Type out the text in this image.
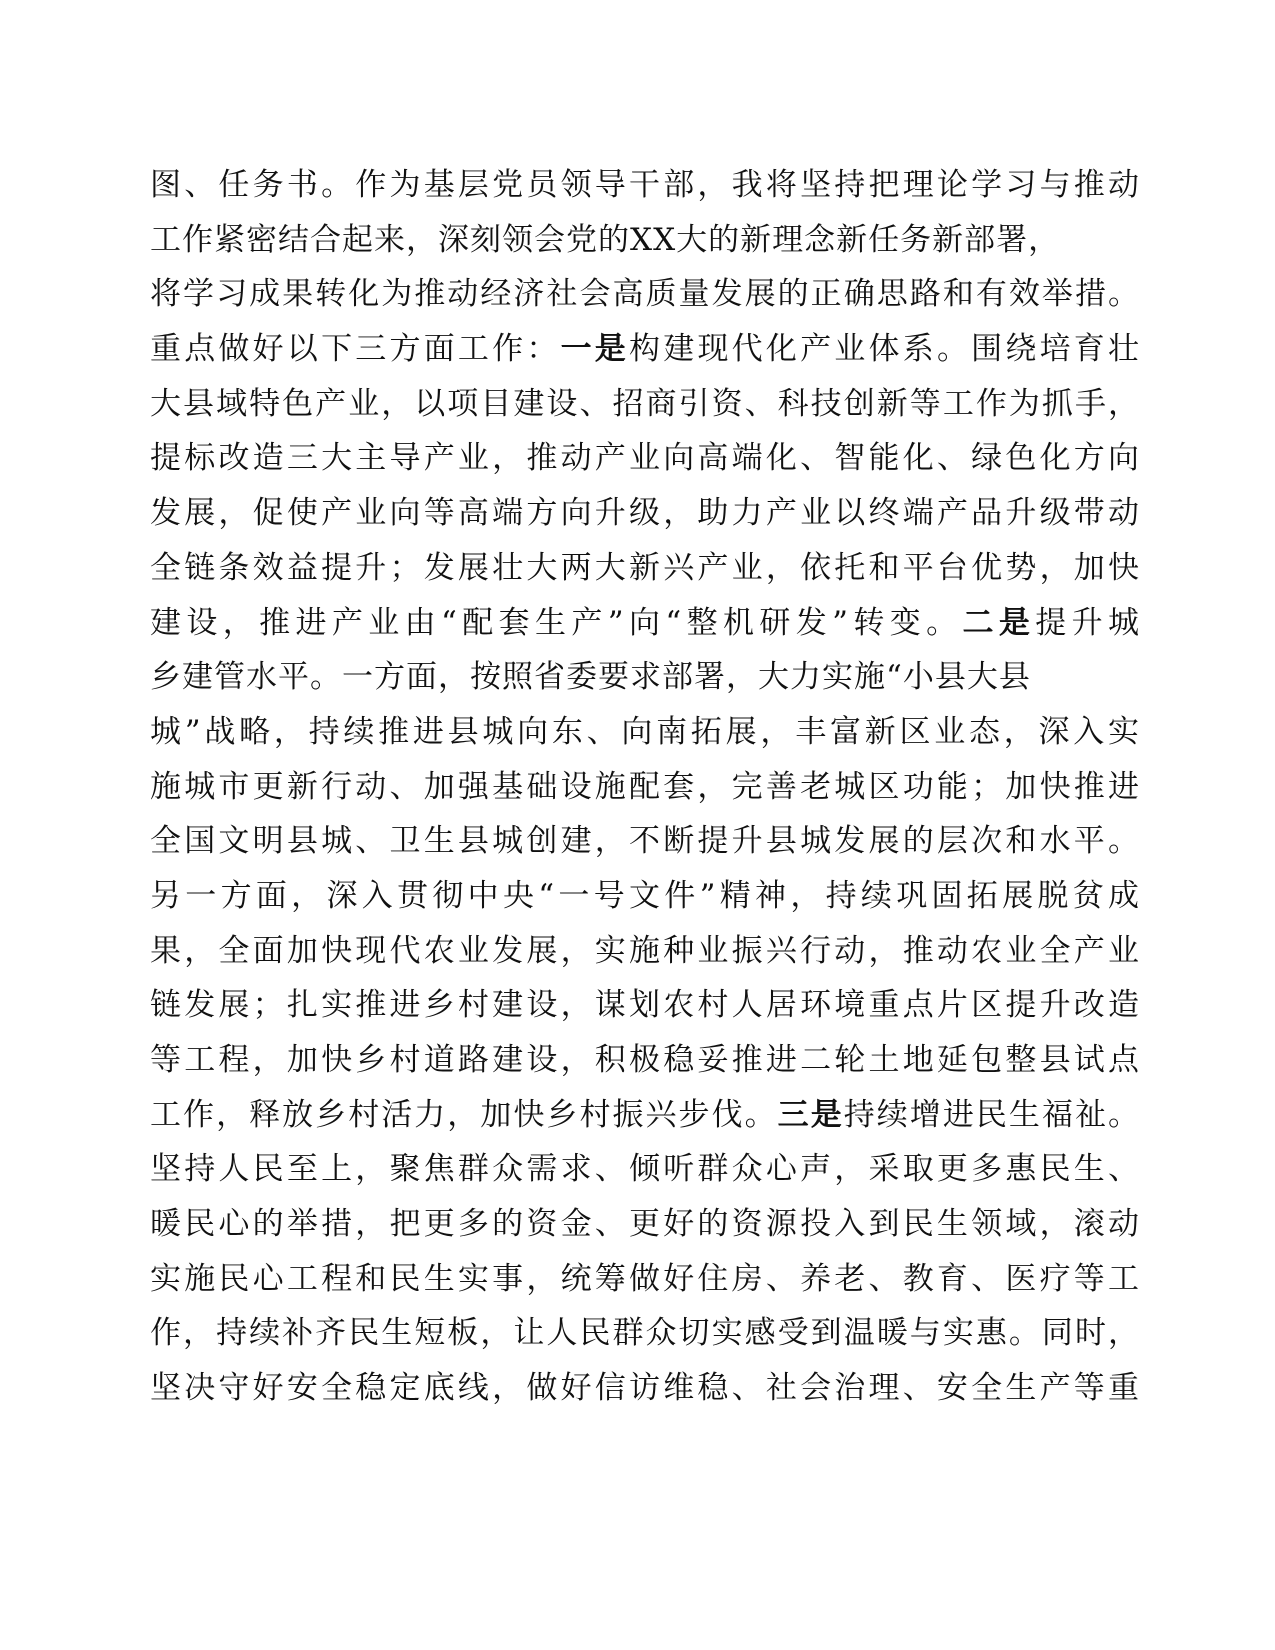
图、任务书。作为基层党员领导干部，我将坚持把理论学习与推动
工作紧密结合起来，深刻领会党的XX大的新理念新任务新部署，
将学习成果转化为推动经济社会高质量发展的正确思路和有效举措。
重点做好以下三方面工作：一是构建现代化产业体系。围绕培育壮
大县域特色产业，以项目建设、招商引资、科技创新等工作为抓手，
提标改造三大主导产业，推动产业向高端化、智能化、绿色化方向
发展，促使产业向等高端方向升级，助力产业以终端产品升级带动
全链条效益提升；发展壮大两大新兴产业，依托和平台优势，加快
建设，推进产业由“配套生产”向“整机研发”转变。二是提升城
乡建管水平。一方面，按照省委要求部署，大力实施“小县大县
城”战略，持续推进县城向东、向南拓展，丰富新区业态，深入实
施城市更新行动、加强基础设施配套，完善老城区功能；加快推进
全国文明县城、卫生县城创建，不断提升县城发展的层次和水平。
另一方面，深入贯彻中央“一号文件”精神，持续巩固拓展脱贫成
果，全面加快现代农业发展，实施种业振兴行动，推动农业全产业
链发展；扎实推进乡村建设，谋划农村人居环境重点片区提升改造
等工程，加快乡村道路建设，积极稳妥推进二轮土地延包整县试点
工作，释放乡村活力，加快乡村振兴步伐。三是持续增进民生福祉。
坚持人民至上，聚焦群众需求、倾听群众心声，采取更多惠民生、
暖民心的举措，把更多的资金、更好的资源投入到民生领域，滚动
实施民心工程和民生实事，统筹做好住房、养老、教育、医疗等工
作，持续补齐民生短板，让人民群众切实感受到温暖与实惠。同时，
坚决守好安全稳定底线，做好信访维稳、社会治理、安全生产等重
